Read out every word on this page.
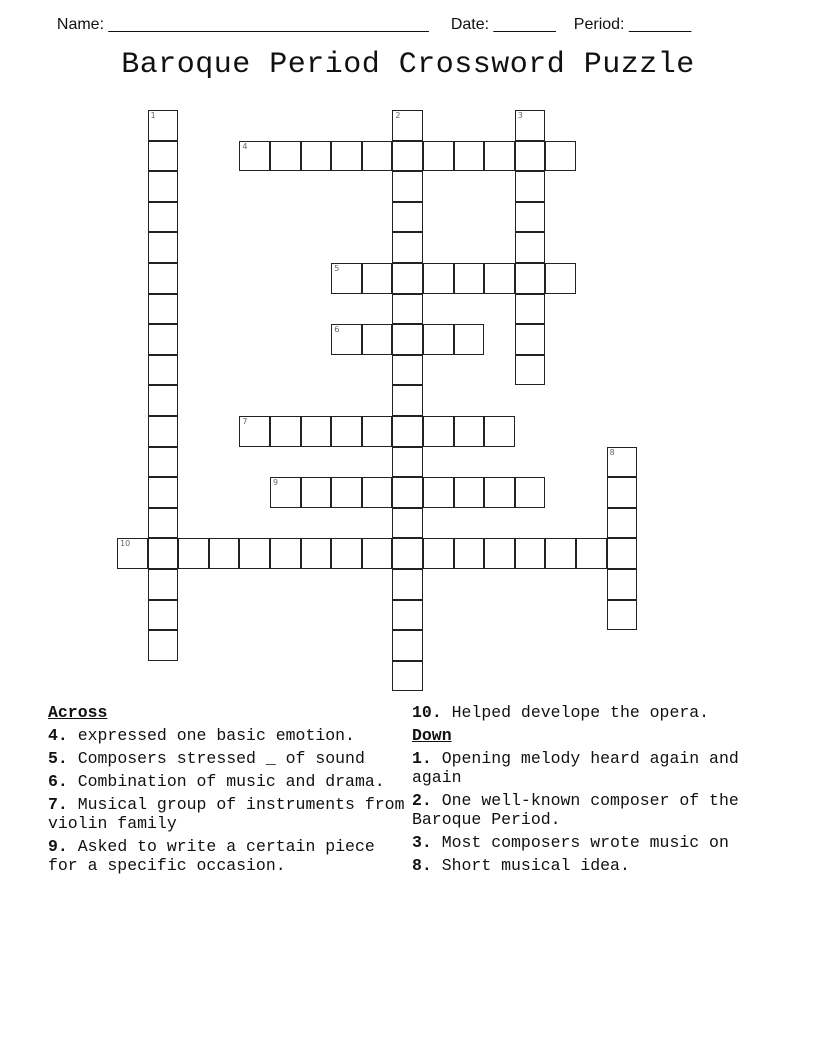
Name: ____________________________________ Date: _______ Period: _______

Baroque Period Crossword Puzzle
1	2	3
4
5
6
7
8
9
10
Across
4. expressed one basic emotion.
5. Composers stressed _ of sound
6. Combination of music and drama.
7. Musical group of instruments from violin family
9. Asked to write a certain piece for a specific occasion.
10. Helped develope the opera.
Down
1. Opening melody heard again and again
2. One well-known composer of the Baroque Period.
3. Most composers wrote music on
8. Short musical idea.
